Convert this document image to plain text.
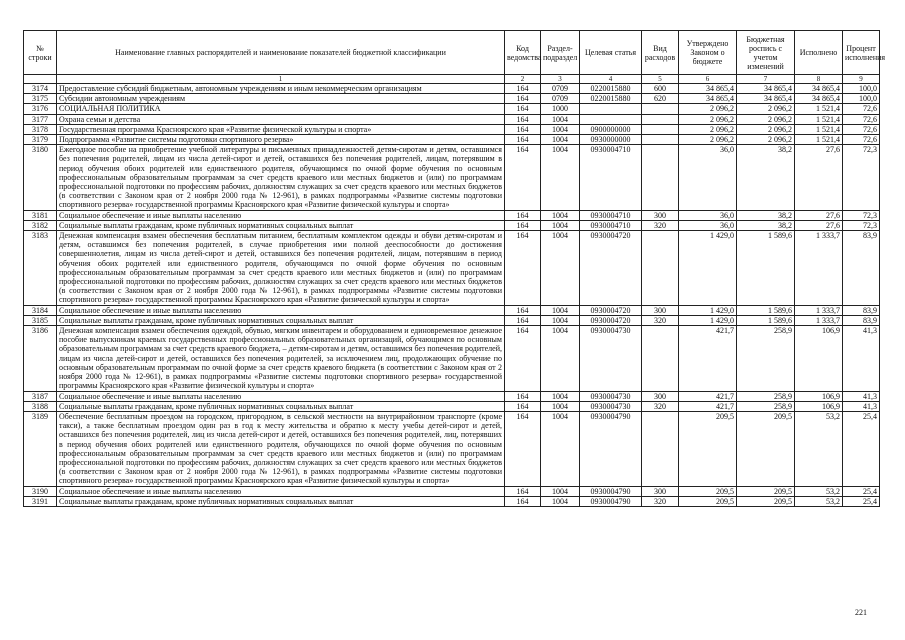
№ строки	Наименование главных распорядителей и наименование показателей бюджетной классификации	Код ведомства	Раздел- подраздел	Целевая статья	Вид расходов	Утверждено Законом о бюджете	Бюджетная роспись с учетом изменений	Исполнено	Процент исполнения
	1	2	3	4	5	6	7	8	9
3174	Предоставление субсидий бюджетным, автономным учреждениям и иным некоммерческим организациям	164	0709	0220015880	600	34 865,4	34 865,4	34 865,4	100,0
3175	Субсидии автономным учреждениям	164	0709	0220015880	620	34 865,4	34 865,4	34 865,4	100,0
3176	СОЦИАЛЬНАЯ ПОЛИТИКА	164	1000			2 096,2	2 096,2	1 521,4	72,6
3177	Охрана семьи и детства	164	1004			2 096,2	2 096,2	1 521,4	72,6
3178	Государственная программа Красноярского края «Развитие физической культуры и спорта»	164	1004	0900000000		2 096,2	2 096,2	1 521,4	72,6
3179	Подпрограмма «Развитие системы подготовки спортивного резерва»	164	1004	0930000000		2 096,2	2 096,2	1 521,4	72,6
3180	Ежегодное пособие на приобретение учебной литературы и письменных принадлежностей детям-сиротам и детям, оставшимся без попечения родителей, лицам из числа детей-сирот и детей, оставшихся без попечения родителей, лицам, потерявшим в период обучения обоих родителей или единственного родителя, обучающимся по очной форме обучения по основным профессиональным образовательным программам за счет средств краевого или местных бюджетов и (или) по программам профессиональной подготовки по профессиям рабочих, должностям служащих за счет средств краевого или местных бюджетов (в соответствии с Законом края от 2 ноября 2000 года № 12-961), в рамках подпрограммы «Развитие системы подготовки спортивного резерва» государственной программы Красноярского края «Развитие физической культуры и спорта»	164	1004	0930004710		36,0	38,2	27,6	72,3
3181	Социальное обеспечение и иные выплаты населению	164	1004	0930004710	300	36,0	38,2	27,6	72,3
3182	Социальные выплаты гражданам, кроме публичных нормативных социальных выплат	164	1004	0930004710	320	36,0	38,2	27,6	72,3
3183	Денежная компенсация взамен обеспечения бесплатным питанием, бесплатным комплектом одежды и обуви детям-сиротам и детям, оставшимся без попечения родителей, в случае приобретения ими полной дееспособности до достижения совершеннолетия, лицам из числа детей-сирот и детей, оставшихся без попечения родителей, лицам, потерявшим в период обучения обоих родителей или единственного родителя, обучающимся по очной форме обучения по основным профессиональным образовательным программам за счет средств краевого или местных бюджетов и (или) по программам профессиональной подготовки по профессиям рабочих, должностям служащих за счет средств краевого или местных бюджетов (в соответствии с Законом края от 2 ноября 2000 года № 12-961), в рамках подпрограммы «Развитие системы подготовки спортивного резерва» государственной программы Красноярского края «Развитие физической культуры и спорта»	164	1004	0930004720		1 429,0	1 589,6	1 333,7	83,9
3184	Социальное обеспечение и иные выплаты населению	164	1004	0930004720	300	1 429,0	1 589,6	1 333,7	83,9
3185	Социальные выплаты гражданам, кроме публичных нормативных социальных выплат	164	1004	0930004720	320	1 429,0	1 589,6	1 333,7	83,9
3186	Денежная компенсация взамен обеспечения одеждой, обувью, мягким инвентарем и оборудованием и единовременное денежное пособие выпускникам краевых государственных профессиональных образовательных организаций, обучающимся по основным образовательным программам за счет средств краевого бюджета, – детям-сиротам и детям, оставшимся без попечения родителей, лицам из числа детей-сирот и детей, оставшихся без попечения родителей, за исключением лиц, продолжающих обучение по основным образовательным программам по очной форме за счет средств краевого бюджета (в соответствии с Законом края от 2 ноября 2000 года № 12-961), в рамках подпрограммы «Развитие системы подготовки спортивного резерва» государственной программы Красноярского края «Развитие физической культуры и спорта»	164	1004	0930004730		421,7	258,9	106,9	41,3
3187	Социальное обеспечение и иные выплаты населению	164	1004	0930004730	300	421,7	258,9	106,9	41,3
3188	Социальные выплаты гражданам, кроме публичных нормативных социальных выплат	164	1004	0930004730	320	421,7	258,9	106,9	41,3
3189	Обеспечение бесплатным проездом на городском, пригородном, в сельской местности на внутрирайонном транспорте (кроме такси), а также бесплатным проездом один раз в год к месту жительства и обратно к месту учебы детей-сирот и детей, оставшихся без попечения родителей, лиц из числа детей-сирот и детей, оставшихся без попечения родителей, лиц, потерявших в период обучения обоих родителей или единственного родителя, обучающихся по очной форме обучения по основным профессиональным образовательным программам за счет средств краевого или местных бюджетов и (или) по программам профессиональной подготовки по профессиям рабочих, должностям служащих за счет средств краевого или местных бюджетов (в соответствии с Законом края от 2 ноября 2000 года № 12-961), в рамках подпрограммы «Развитие системы подготовки спортивного резерва» государственной программы Красноярского края «Развитие физической культуры и спорта»	164	1004	0930004790		209,5	209,5	53,2	25,4
3190	Социальное обеспечение и иные выплаты населению	164	1004	0930004790	300	209,5	209,5	53,2	25,4
3191	Социальные выплаты гражданам, кроме публичных нормативных социальных выплат	164	1004	0930004790	320	209,5	209,5	53,2	25,4
221
